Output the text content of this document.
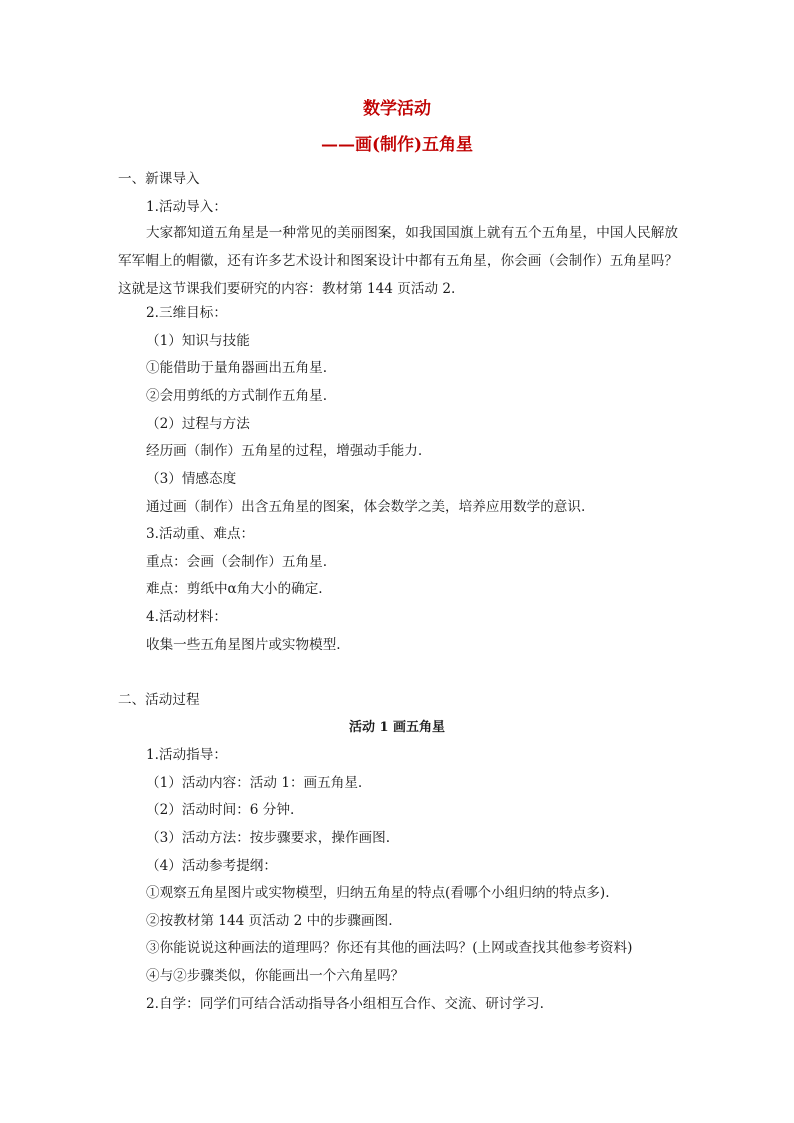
数学活动
——画(制作)五角星
一、新课导入
1.活动导入：
大家都知道五角星是一种常见的美丽图案，如我国国旗上就有五个五角星，中国人民解放军军帽上的帽徽，还有许多艺术设计和图案设计中都有五角星，你会画（会制作）五角星吗？这就是这节课我们要研究的内容：教材第 144 页活动 2.
2.三维目标：
（1）知识与技能
①能借助于量角器画出五角星.
②会用剪纸的方式制作五角星.
（2）过程与方法
经历画（制作）五角星的过程，增强动手能力.
（3）情感态度
通过画（制作）出含五角星的图案，体会数学之美，培养应用数学的意识.
3.活动重、难点：
重点：会画（会制作）五角星.
难点：剪纸中α角大小的确定.
4.活动材料：
收集一些五角星图片或实物模型.
二、活动过程
活动 1 画五角星
1.活动指导：
（1）活动内容：活动 1：画五角星.
（2）活动时间：6 分钟.
（3）活动方法：按步骤要求，操作画图.
（4）活动参考提纲：
①观察五角星图片或实物模型，归纳五角星的特点(看哪个小组归纳的特点多).
②按教材第 144 页活动 2 中的步骤画图.
③你能说说这种画法的道理吗？你还有其他的画法吗？(上网或查找其他参考资料)
④与②步骤类似，你能画出一个六角星吗？
2.自学：同学们可结合活动指导各小组相互合作、交流、研讨学习.
